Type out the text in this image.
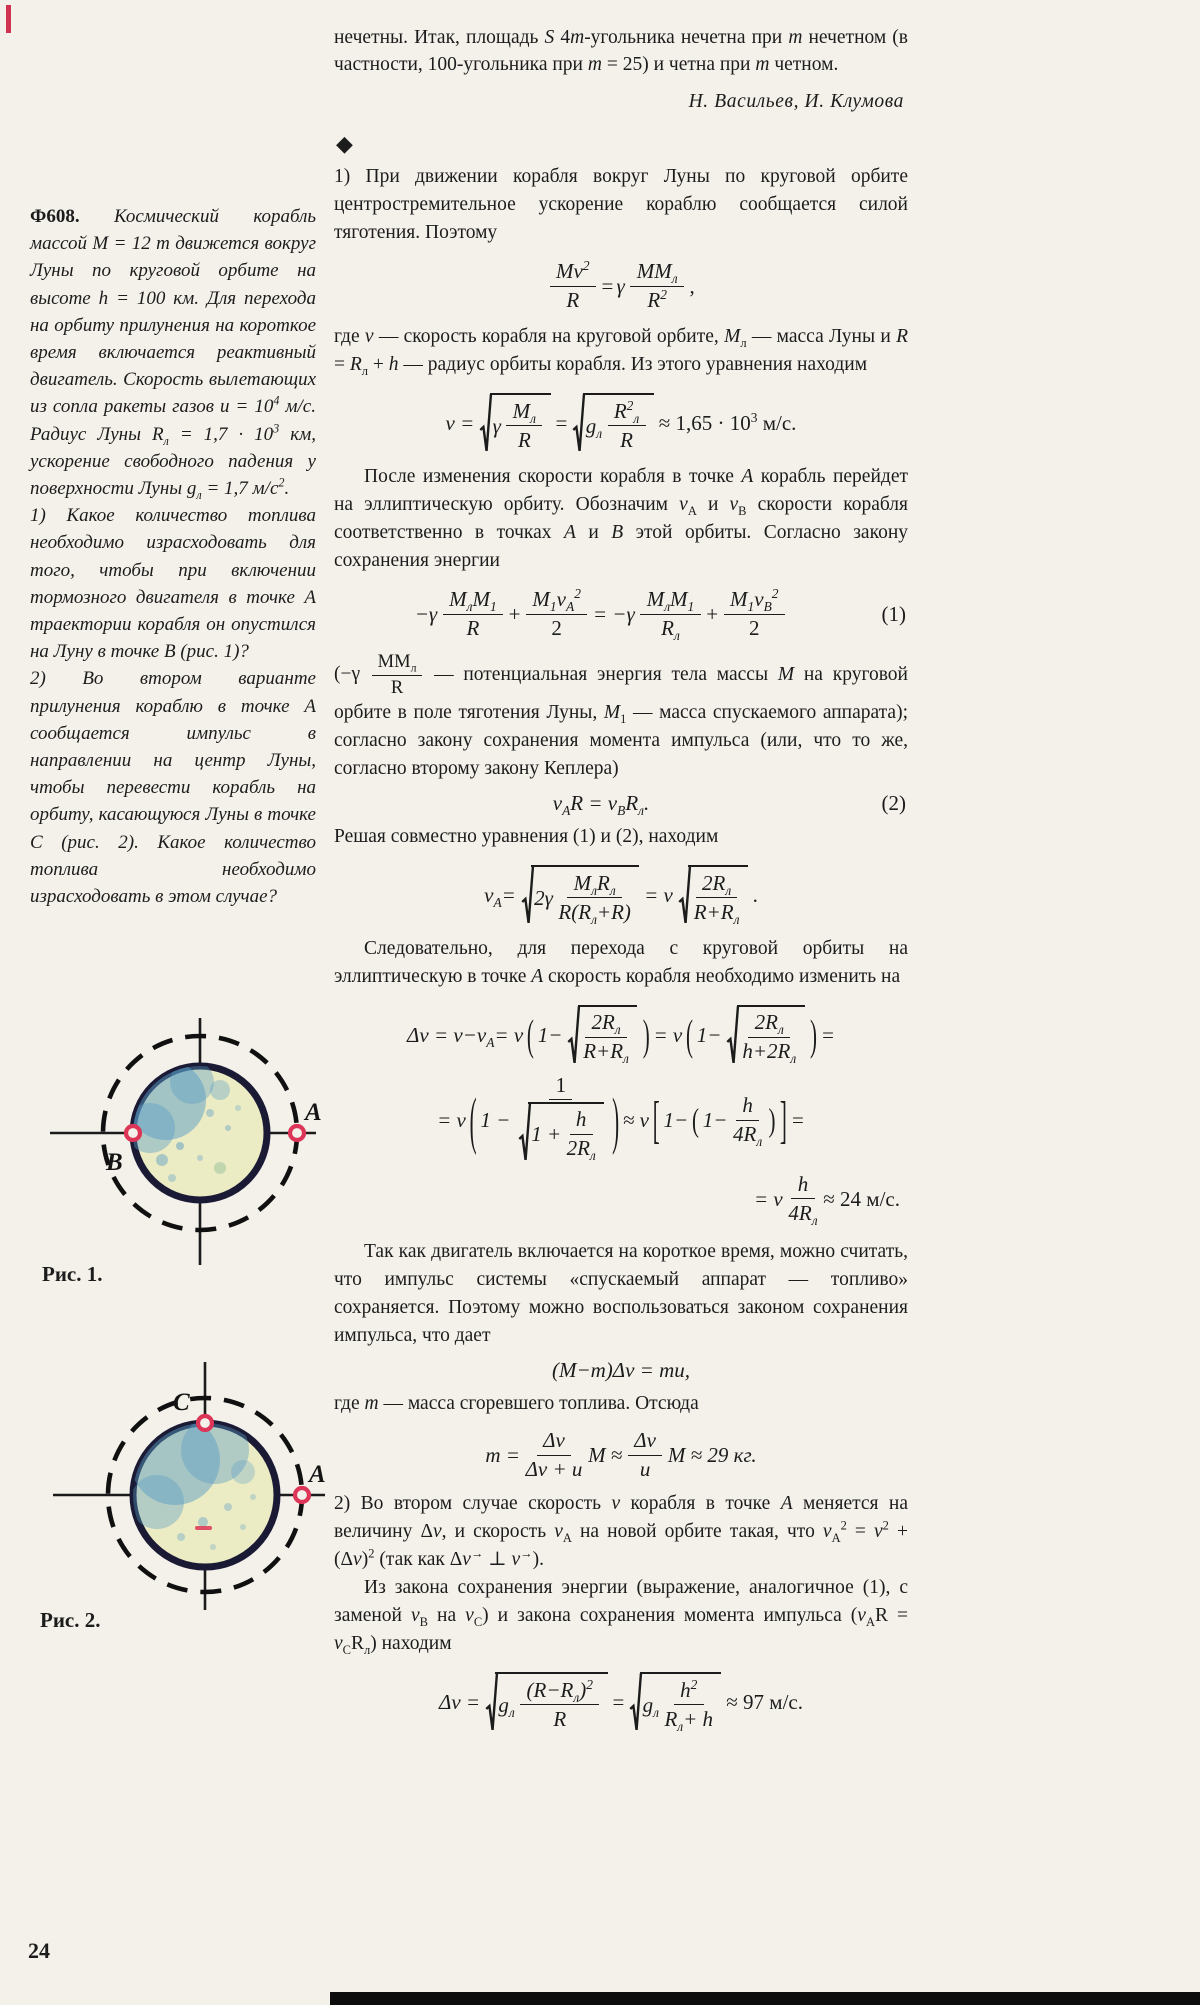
24
нечетны. Итак, площадь S 4m-угольника нечетна при m нечетном (в частности, 100-угольника при m = 25) и четна при m четном.
Н. Васильев, И. Клумова
◆

Ф608. Космический корабль массой M = 12 т движется вокруг Луны по круговой орбите на высоте h = 100 км. Для перехода на орбиту прилунения на короткое время включается реактивный двигатель. Скорость вылетающих из сопла ракеты газов $u = 10^4$ м/с. Радиус Луны $R_л = 1,7 \cdot 10^3$ км, ускорение свободного падения у поверхности Луны $g_л = 1,7$ $м/с^2$.

1) Какое количество топлива необходимо израсходовать для того, чтобы при включении тормозного двигателя в точке A траектории корабля он опустился на Луну в точке B (рис. 1)?

2) Во втором варианте прилунения кораблю в точке A сообщается импульс в направлении на центр Луны, чтобы перевести корабль на орбиту, касающуюся Луны в точке C (рис. 2). Какое количество топлива необходимо израсходовать в этом случае?

B
A
Рис. 1.
C
A
Рис. 2.

1) При движении корабля вокруг Луны по круговой орбите центростремительное ускорение кораблю сообщается силой тяготения. Поэтому

$\frac{Mv^2}{R} = \gamma \frac{MM_л}{R^2}$ ,

где v — скорость корабля на круговой орбите, $M_л$ — масса Луны и $R = R_л + h$ — радиус орбиты корабля. Из этого уравнения находим

v = γ $\frac{M_л}{R} = g_л \frac{R^2_л}{R} \approx 1,65 \cdot 10^3$ м/с.

После изменения скорости корабля в точке A корабль перейдет на эллиптическую орбиту. Обозначим $v_A$ и $v_B$ скорости корабля соответственно в точках A и B этой орбиты. Согласно закону сохранения энергии

$-\gamma \frac{M_лM_1}{R} + \frac{M_1v_A^2}{2} = -\gamma \frac{M_лM_1}{R_л} + \frac{M_1v_B^2}{2}$	(1)

($-\gamma \frac{MM_л}{R}$ — потенциальная энергия тела массы M на круговой орбите в поле тяготения Луны, $M_1$ — масса спускаемого аппарата); согласно закону сохранения момента импульса (или, что то же, согласно второму закону Кеплера)

$v_AR = v_BR_л$.	(2)

Решая совместно уравнения (1) и (2), находим

$v_A= 2\gamma \frac{M_лR_л}{R(R_л+R)} = v \frac{2R_л}{R+R_л}$ .

Следовательно, для перехода с круговой орбиты на эллиптическую в точке A скорость корабля необходимо изменить на

$\Delta v = v-v_A= v$ ( $1- \frac{2R_л}{R+R_л}$ ) = v ( $1- \frac{2R_л}{h+2R_л}$ ) =
= v ( $1 - \frac{1}{1 + \frac{h}{2R_л}}$ ) ≈ v [ 1− ( $1- \frac{h}{4R_л}$ ) ] =
= v $\frac{h}{4R_л} \approx 24$ м/с.

Так как двигатель включается на короткое время, можно считать, что импульс системы «спускаемый аппарат — топливо» сохраняется. Поэтому можно воспользоваться законом сохранения импульса, что дает

(M−m)Δv = mu,

где m — масса сгоревшего топлива. Отсюда

$m = \frac{\Delta v}{\Delta v + u}$ $M \approx \frac{\Delta v}{u}$ M ≈ 29 кг.

2) Во втором случае скорость v корабля в точке A меняется на величину Δv, и скорость $v_A$ на новой орбите такая, что $v_A^2 = v^2 + (\Delta v)^2$ (так как Δv→ ⊥ v→).

Из закона сохранения энергии (выражение, аналогичное (1), с заменой $v_B$ на $v_C$) и закона сохранения момента импульса $(v_AR = v_CR_л)$ находим

$\Delta v = g_л \frac{(R-R_л)^2}{R} = g_л \frac{h^2}{R_л+ h} \approx 97$ м/с.
